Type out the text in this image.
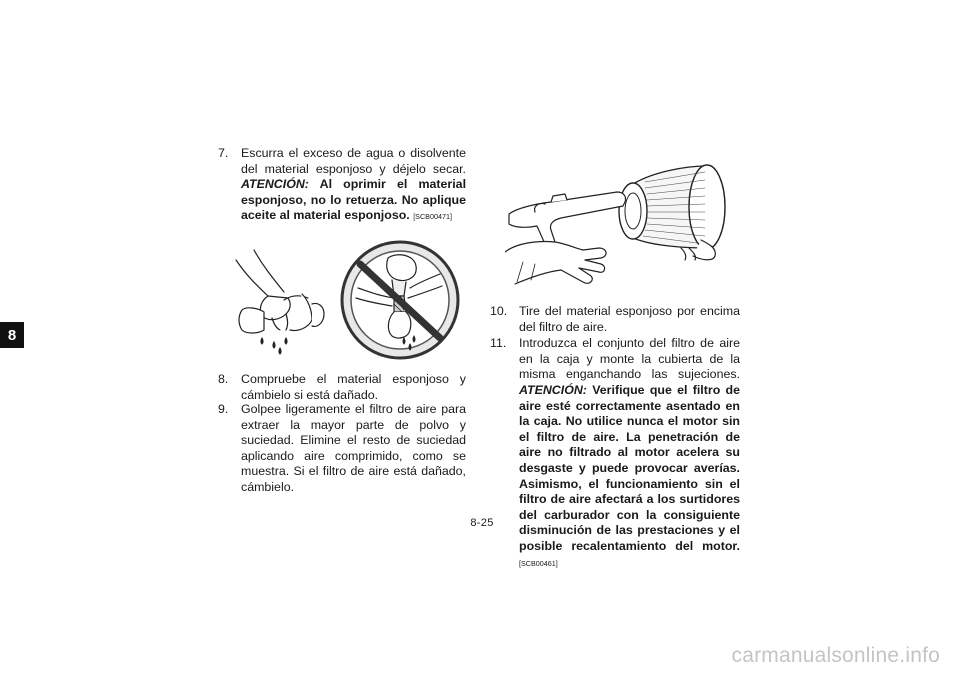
8
7.	Escurra el exceso de agua o disolvente del material esponjoso y déjelo secar. ATENCIÓN: Al oprimir el material esponjoso, no lo retuerza. No aplique aceite al material esponjoso. [SCB00471]
8.	Compruebe el material esponjoso y cámbielo si está dañado.
9.	Golpee ligeramente el filtro de aire para extraer la mayor parte de polvo y suciedad. Elimine el resto de suciedad aplicando aire comprimido, como se muestra. Si el filtro de aire está dañado, cámbielo.
10. Tire del material esponjoso por encima del filtro de aire.
11.	Introduzca el conjunto del filtro de aire en la caja y monte la cubierta de la misma enganchando las sujeciones. ATENCIÓN: Verifique que el filtro de aire esté correctamente asentado en la caja. No utilice nunca el motor sin el filtro de aire. La penetración de aire no filtrado al motor acelera su desgaste y puede provocar averías. Asimismo, el funcionamiento sin el filtro de aire afectará a los surtidores del carburador con la consiguiente disminución de las prestaciones y el posible recalentamiento del motor. [SCB00461]
8-25
carmanualsonline.info
